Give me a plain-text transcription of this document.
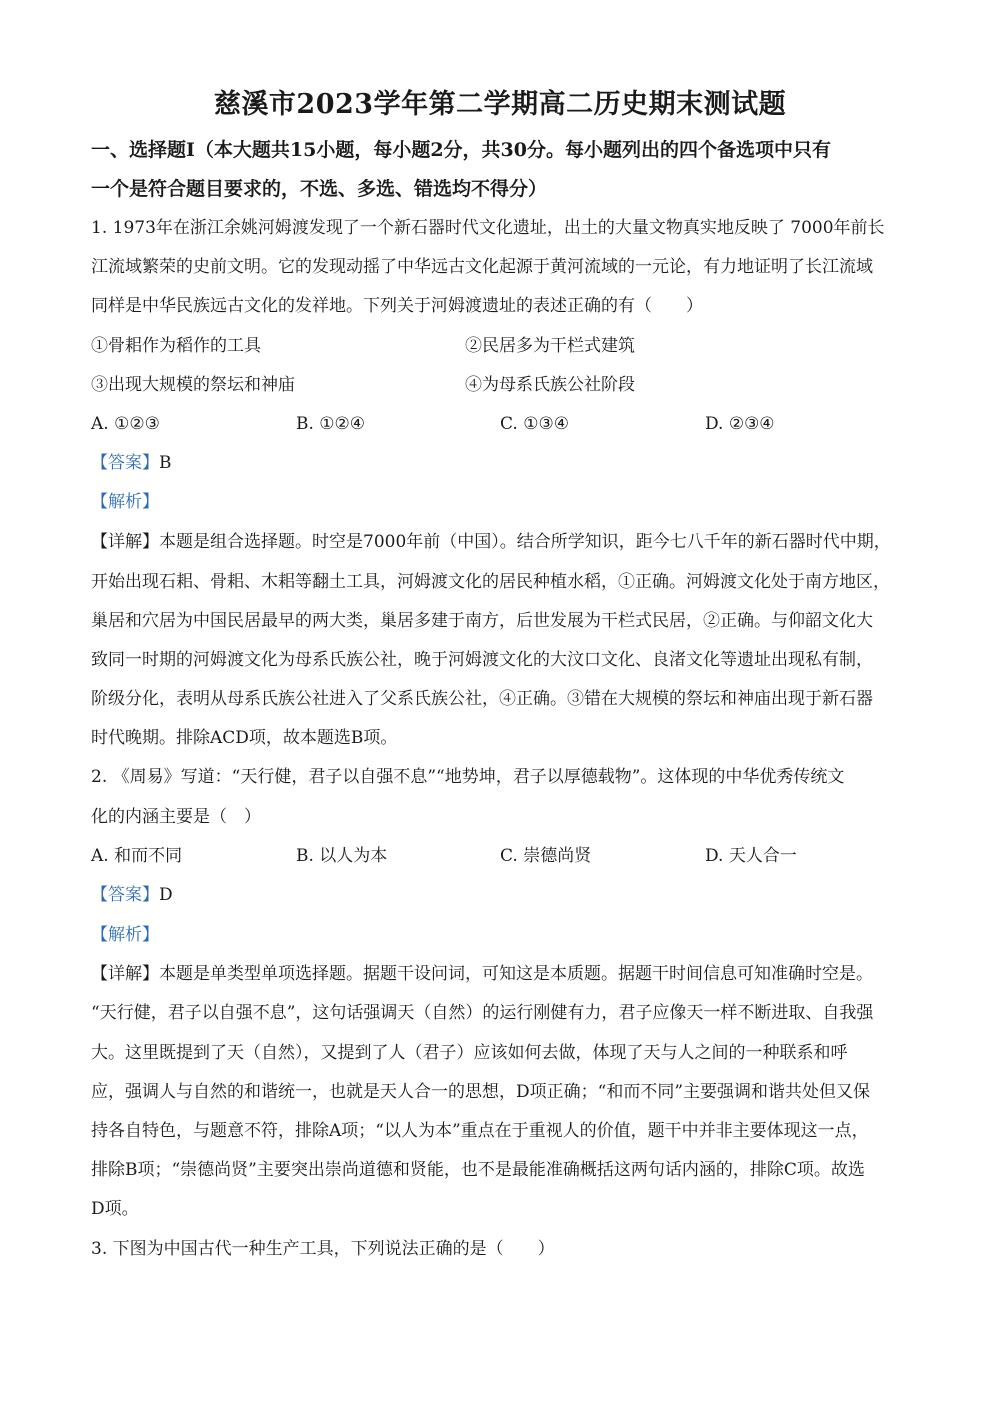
慈溪市2023学年第二学期高二历史期末测试题
一、选择题Ⅰ（本大题共15小题，每小题2分，共30分。每小题列出的四个备选项中只有
一个是符合题目要求的，不选、多选、错选均不得分）
1. 1973年在浙江余姚河姆渡发现了一个新石器时代文化遗址，出土的大量文物真实地反映了 7000年前长
江流域繁荣的史前文明。它的发现动摇了中华远古文化起源于黄河流域的一元论，有力地证明了长江流域
同样是中华民族远古文化的发祥地。下列关于河姆渡遗址的表述正确的有（　　）
①骨耜作为稻作的工具	②民居多为干栏式建筑
③出现大规模的祭坛和神庙	④为母系氏族公社阶段
A. ①②③	B. ①②④	C. ①③④	D. ②③④
【答案】B
【解析】
【详解】本题是组合选择题。时空是7000年前（中国）。结合所学知识，距今七八千年的新石器时代中期，
开始出现石耜、骨耜、木耜等翻土工具，河姆渡文化的居民种植水稻，①正确。河姆渡文化处于南方地区，
巢居和穴居为中国民居最早的两大类，巢居多建于南方，后世发展为干栏式民居，②正确。与仰韶文化大
致同一时期的河姆渡文化为母系氏族公社，晚于河姆渡文化的大汶口文化、良渚文化等遗址出现私有制，
阶级分化，表明从母系氏族公社进入了父系氏族公社，④正确。③错在大规模的祭坛和神庙出现于新石器
时代晚期。排除ACD项，故本题选B项。
2. 《周易》写道：“天行健，君子以自强不息”“地势坤，君子以厚德载物”。这体现的中华优秀传统文
化的内涵主要是（　）
A. 和而不同	B. 以人为本	C. 崇德尚贤	D. 天人合一
【答案】D
【解析】
【详解】本题是单类型单项选择题。据题干设问词，可知这是本质题。据题干时间信息可知准确时空是。
“天行健，君子以自强不息”，这句话强调天（自然）的运行刚健有力，君子应像天一样不断进取、自我强
大。这里既提到了天（自然），又提到了人（君子）应该如何去做，体现了天与人之间的一种联系和呼
应，强调人与自然的和谐统一，也就是天人合一的思想，D项正确；“和而不同”主要强调和谐共处但又保
持各自特色，与题意不符，排除A项；“以人为本”重点在于重视人的价值，题干中并非主要体现这一点，
排除B项；“崇德尚贤”主要突出崇尚道德和贤能，也不是最能准确概括这两句话内涵的，排除C项。故选
D项。
3. 下图为中国古代一种生产工具，下列说法正确的是（　　）
